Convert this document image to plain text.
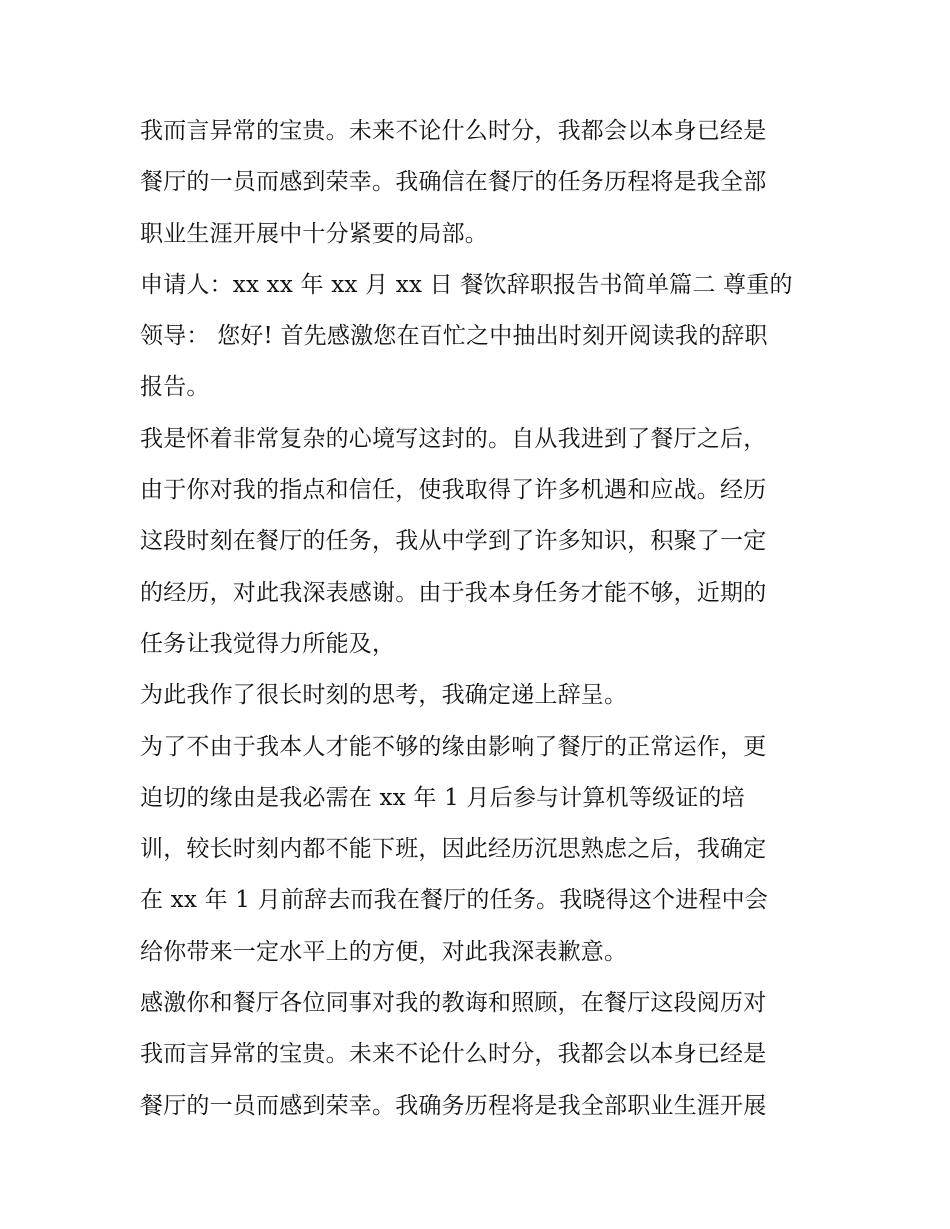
我而言异常的宝贵。未来不论什么时分，我都会以本身已经是
餐厅的一员而感到荣幸。我确信在餐厅的任务历程将是我全部
职业生涯开展中十分紧要的局部。
申请人：xx xx 年 xx 月 xx 日 餐饮辞职报告书简单篇二 尊重的
领导： 您好! 首先感激您在百忙之中抽出时刻开阅读我的辞职
报告。
我是怀着非常复杂的心境写这封的。自从我进到了餐厅之后，
由于你对我的指点和信任，使我取得了许多机遇和应战。经历
这段时刻在餐厅的任务，我从中学到了许多知识，积聚了一定
的经历，对此我深表感谢。由于我本身任务才能不够，近期的
任务让我觉得力所能及，
为此我作了很长时刻的思考，我确定递上辞呈。
为了不由于我本人才能不够的缘由影响了餐厅的正常运作，更
迫切的缘由是我必需在 xx 年 1 月后参与计算机等级证的培
训，较长时刻内都不能下班，因此经历沉思熟虑之后，我确定
在 xx 年 1 月前辞去而我在餐厅的任务。我晓得这个进程中会
给你带来一定水平上的方便，对此我深表歉意。
感激你和餐厅各位同事对我的教诲和照顾，在餐厅这段阅历对
我而言异常的宝贵。未来不论什么时分，我都会以本身已经是
餐厅的一员而感到荣幸。我确务历程将是我全部职业生涯开展
